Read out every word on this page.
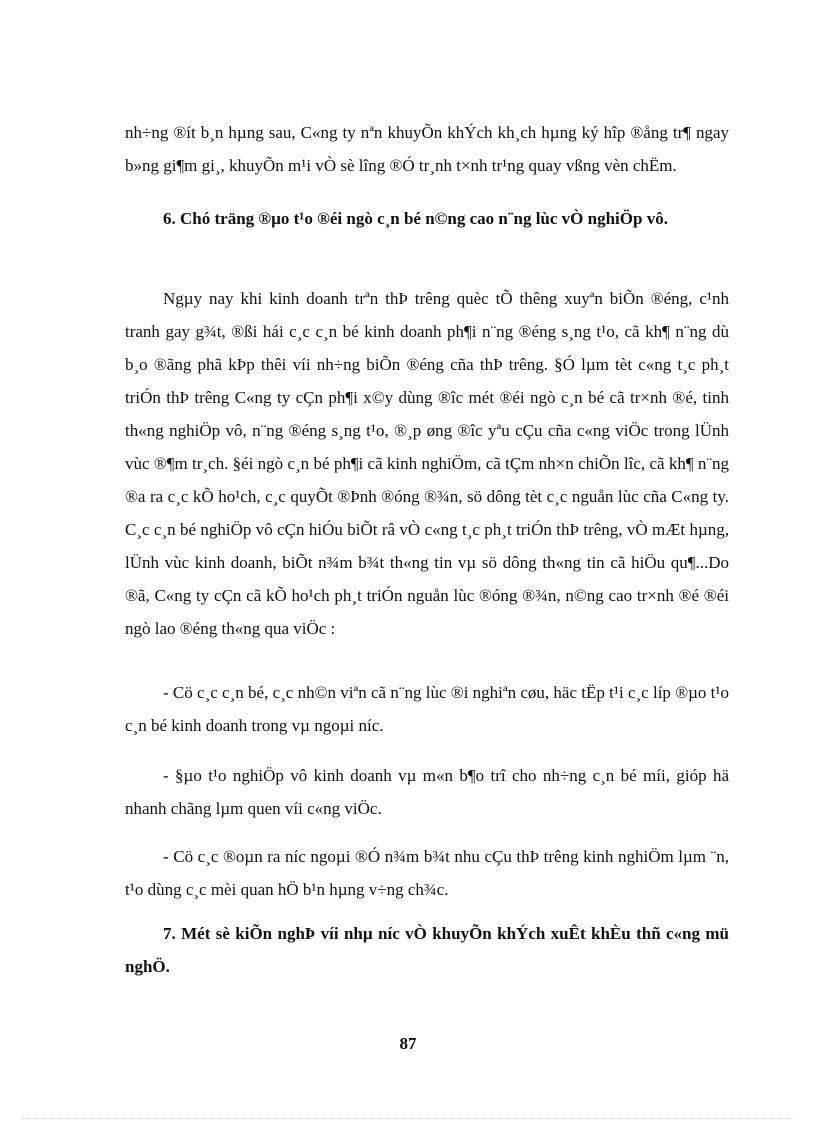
nh÷ng ®ít b¸n hµng sau, C«ng ty nªn khuyÕn khÝch kh¸ch hµng ký hîp ®ång tr¶ ngay b»ng gi¶m gi¸, khuyÕn m¹i vÒ sè lîng ®Ó tr¸nh t×nh tr¹ng quay vßng vèn chËm.

6. Chó träng ®µo t¹o ®éi ngò c¸n bé n©ng cao n¨ng lùc vÒ nghiÖp vô.

Ngµy nay khi kinh doanh trªn thÞ trêng quèc tÕ thêng xuyªn biÕn ®éng, c¹nh tranh gay g¾t, ®ßi hái c¸c c¸n bé kinh doanh ph¶i n¨ng ®éng s¸ng t¹o, cã kh¶ n¨ng dù b¸o ®ãng phã kÞp thêi víi nh÷ng biÕn ®éng cña thÞ trêng. §Ó lµm tèt c«ng t¸c ph¸t triÓn thÞ trêng C«ng ty cÇn ph¶i x©y dùng ®îc mét ®éi ngò c¸n bé cã tr×nh ®é, tinh th«ng nghiÖp vô, n¨ng ®éng s¸ng t¹o, ®¸p øng ®îc yªu cÇu cña c«ng viÖc trong lÜnh vùc ®¶m tr¸ch. §éi ngò c¸n bé ph¶i cã kinh nghiÖm, cã tÇm nh×n chiÕn lîc, cã kh¶ n¨ng ®a ra c¸c kÕ ho¹ch, c¸c quyÕt ®Þnh ®óng ®¾n, sö dông tèt c¸c nguån lùc cña C«ng ty. C¸c c¸n bé nghiÖp vô cÇn hiÓu biÕt râ vÒ c«ng t¸c ph¸t triÓn thÞ trêng, vÒ mÆt hµng, lÜnh vùc kinh doanh, biÕt n¾m b¾t th«ng tin vµ sö dông th«ng tin cã hiÖu qu¶...Do ®ã, C«ng ty cÇn cã kÕ ho¹ch ph¸t triÓn nguån lùc ®óng ®¾n, n©ng cao tr×nh ®é ®éi ngò lao ®éng th«ng qua viÖc :

- Cö c¸c c¸n bé, c¸c nh©n viªn cã n¨ng lùc ®i nghiªn cøu, häc tËp t¹i c¸c líp ®µo t¹o c¸n bé kinh doanh trong vµ ngoµi níc.

- §µo t¹o nghiÖp vô kinh doanh vµ m«n b¶o trî cho nh÷ng c¸n bé míi, gióp hä nhanh chãng lµm quen víi c«ng viÖc.

- Cö c¸c ®oµn ra níc ngoµi ®Ó n¾m b¾t nhu cÇu thÞ trêng kinh nghiÖm lµm ¨n, t¹o dùng c¸c mèi quan hÖ b¹n hµng v÷ng ch¾c.

7. Mét sè kiÕn nghÞ víi nhµ níc vÒ khuyÕn khÝch xuÊt khÈu thñ c«ng mü nghÖ.

87
